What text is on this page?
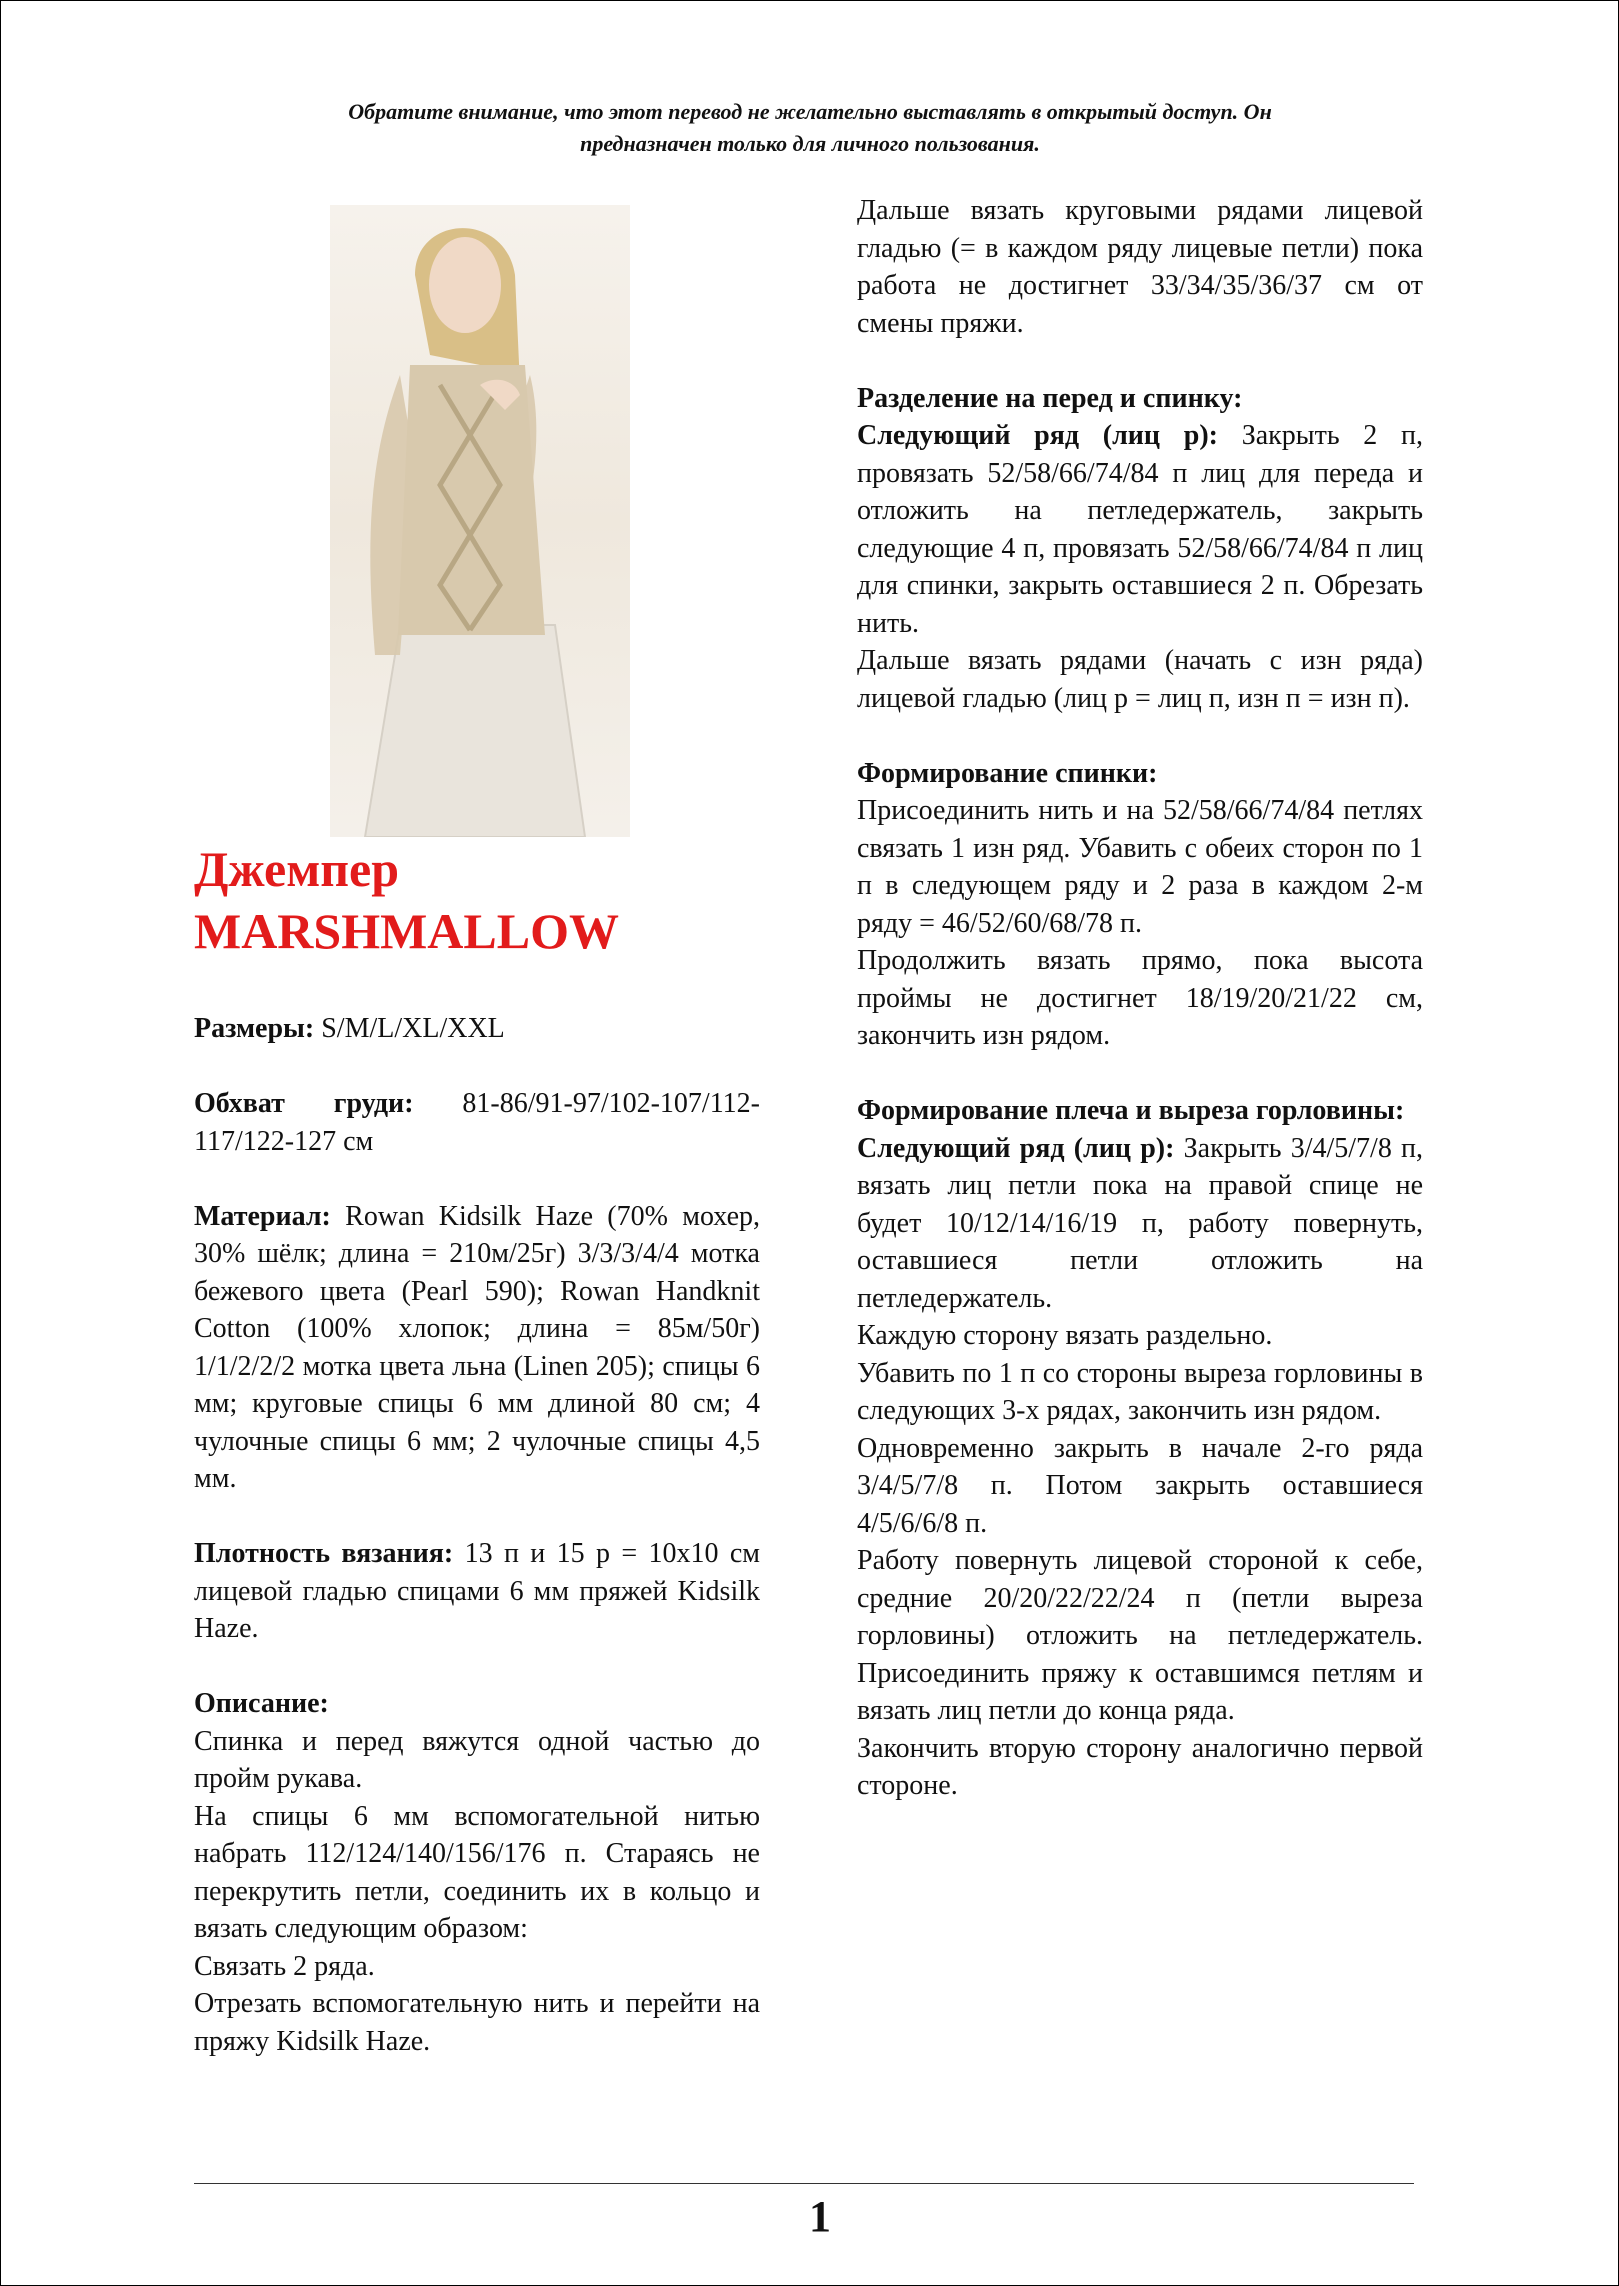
Обратите внимание, что этот перевод не желательно выставлять в открытый доступ. Он
предназначен только для личного пользования.
Джемпер
MARSHMALLOW

Размеры: S/M/L/XL/XXL

Обхват груди: 81-86/91-97/102-107/112-117/122-127 см

Материал: Rowan Kidsilk Haze (70% мохер, 30% шёлк; длина = 210м/25г) 3/3/3/4/4 мотка бежевого цвета (Pearl 590); Rowan Handknit Cotton (100% хлопок; длина = 85м/50г) 1/1/2/2/2 мотка цвета льна (Linen 205); спицы 6 мм; круговые спицы 6 мм длиной 80 см; 4 чулочные спицы 6 мм; 2 чулочные спицы 4,5 мм.

Плотность вязания: 13 п и 15 р = 10х10 см лицевой гладью спицами 6 мм пряжей Kidsilk Haze.

Описание:

Спинка и перед вяжутся одной частью до пройм рукава.

На спицы 6 мм вспомогательной нитью набрать 112/124/140/156/176 п. Стараясь не перекрутить петли, соединить их в кольцо и вязать следующим образом:

Связать 2 ряда.

Отрезать вспомогательную нить и перейти на пряжу Kidsilk Haze.

Дальше вязать круговыми рядами лицевой гладью (= в каждом ряду лицевые петли) пока работа не достигнет 33/34/35/36/37 см от смены пряжи.

Разделение на перед и спинку:

Следующий ряд (лиц р): Закрыть 2 п, провязать 52/58/66/74/84 п лиц для переда и отложить на петледержатель, закрыть следующие 4 п, провязать 52/58/66/74/84 п лиц для спинки, закрыть оставшиеся 2 п. Обрезать нить.

Дальше вязать рядами (начать с изн ряда) лицевой гладью (лиц р = лиц п, изн п = изн п).

Формирование спинки:

Присоединить нить и на 52/58/66/74/84 петлях связать 1 изн ряд. Убавить с обеих сторон по 1 п в следующем ряду и 2 раза в каждом 2-м ряду = 46/52/60/68/78 п.

Продолжить вязать прямо, пока высота проймы не достигнет 18/19/20/21/22 см, закончить изн рядом.

Формирование плеча и выреза горловины:

Следующий ряд (лиц р): Закрыть 3/4/5/7/8 п, вязать лиц петли пока на правой спице не будет 10/12/14/16/19 п, работу повернуть, оставшиеся петли отложить на петледержатель.

Каждую сторону вязать раздельно.

Убавить по 1 п со стороны выреза горловины в следующих 3-х рядах, закончить изн рядом.

Одновременно закрыть в начале 2-го ряда 3/4/5/7/8 п. Потом закрыть оставшиеся 4/5/6/6/8 п.

Работу повернуть лицевой стороной к себе, средние 20/20/22/22/24 п (петли выреза горловины) отложить на петледержатель. Присоединить пряжу к оставшимся петлям и вязать лиц петли до конца ряда.

Закончить вторую сторону аналогично первой стороне.

1
